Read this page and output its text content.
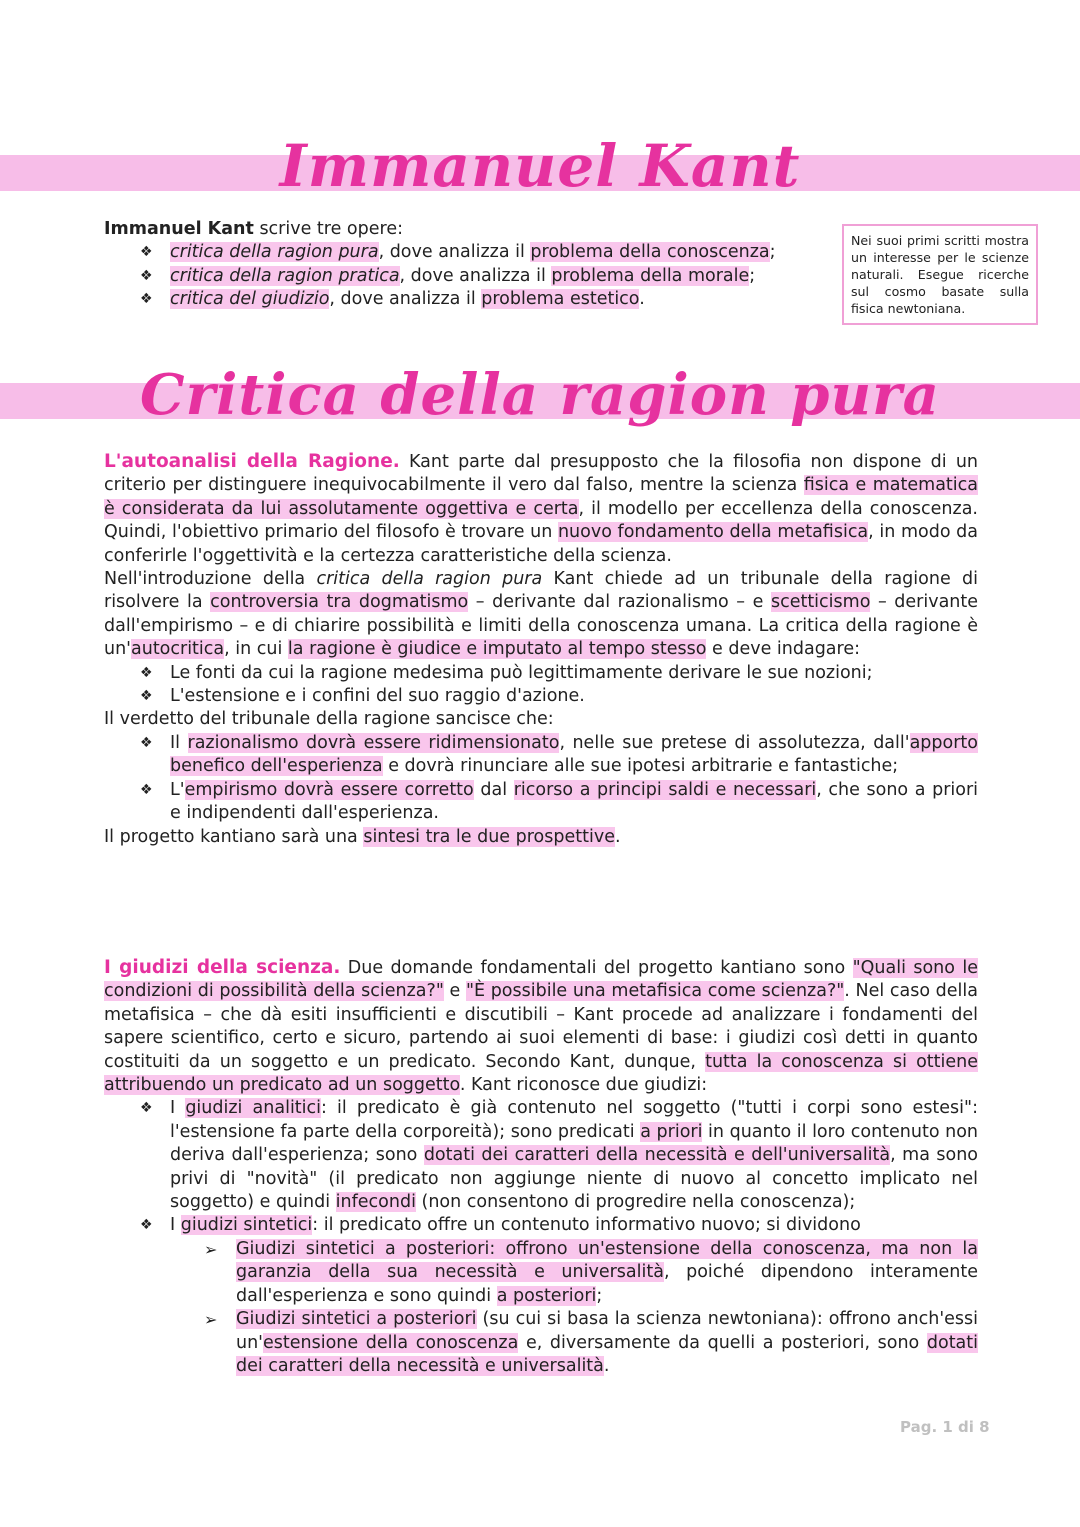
Immanuel Kant

Immanuel Kant scrive tre opere:

❖ critica della ragion pura, dove analizza il problema della conoscenza;
❖ critica della ragion pratica, dove analizza il problema della morale;
❖ critica del giudizio, dove analizza il problema estetico.
Nei suoi primi scritti mostra un interesse per le scienze naturali. Esegue ricerche sul cosmo basate sulla fisica newtoniana.
Critica della ragion pura

L'autoanalisi della Ragione. Kant parte dal presupposto che la filosofia non dispone di un criterio per distinguere inequivocabilmente il vero dal falso, mentre la scienza fisica e matematica è considerata da lui assolutamente oggettiva e certa, il modello per eccellenza della conoscenza. Quindi, l'obiettivo primario del filosofo è trovare un nuovo fondamento della metafisica, in modo da conferirle l'oggettività e la certezza caratteristiche della scienza.

Nell'introduzione della critica della ragion pura Kant chiede ad un tribunale della ragione di risolvere la controversia tra dogmatismo – derivante dal razionalismo – e scetticismo – derivante dall'empirismo – e di chiarire possibilità e limiti della conoscenza umana. La critica della ragione è un'autocritica, in cui la ragione è giudice e imputato al tempo stesso e deve indagare:

❖ Le fonti da cui la ragione medesima può legittimamente derivare le sue nozioni;
❖ L'estensione e i confini del suo raggio d'azione.

Il verdetto del tribunale della ragione sancisce che:

❖ Il razionalismo dovrà essere ridimensionato, nelle sue pretese di assolutezza, dall'apporto benefico dell'esperienza e dovrà rinunciare alle sue ipotesi arbitrarie e fantastiche;
❖ L'empirismo dovrà essere corretto dal ricorso a principi saldi e necessari, che sono a priori e indipendenti dall'esperienza.

Il progetto kantiano sarà una sintesi tra le due prospettive.

I giudizi della scienza. Due domande fondamentali del progetto kantiano sono "Quali sono le condizioni di possibilità della scienza?" e "È possibile una metafisica come scienza?". Nel caso della metafisica – che dà esiti insufficienti e discutibili – Kant procede ad analizzare i fondamenti del sapere scientifico, certo e sicuro, partendo ai suoi elementi di base: i giudizi così detti in quanto costituiti da un soggetto e un predicato. Secondo Kant, dunque, tutta la conoscenza si ottiene attribuendo un predicato ad un soggetto. Kant riconosce due giudizi:

❖ I giudizi analitici: il predicato è già contenuto nel soggetto ("tutti i corpi sono estesi": l'estensione fa parte della corporeità); sono predicati a priori in quanto il loro contenuto non deriva dall'esperienza; sono dotati dei caratteri della necessità e dell'universalità, ma sono privi di "novità" (il predicato non aggiunge niente di nuovo al concetto implicato nel soggetto) e quindi infecondi (non consentono di progredire nella conoscenza);
❖ I giudizi sintetici: il predicato offre un contenuto informativo nuovo; si dividono
➢ Giudizi sintetici a posteriori: offrono un'estensione della conoscenza, ma non la garanzia della sua necessità e universalità, poiché dipendono interamente dall'esperienza e sono quindi a posteriori;
➢ Giudizi sintetici a posteriori (su cui si basa la scienza newtoniana): offrono anch'essi un'estensione della conoscenza e, diversamente da quelli a posteriori, sono dotati dei caratteri della necessità e universalità.
Pag. 1 di 8
